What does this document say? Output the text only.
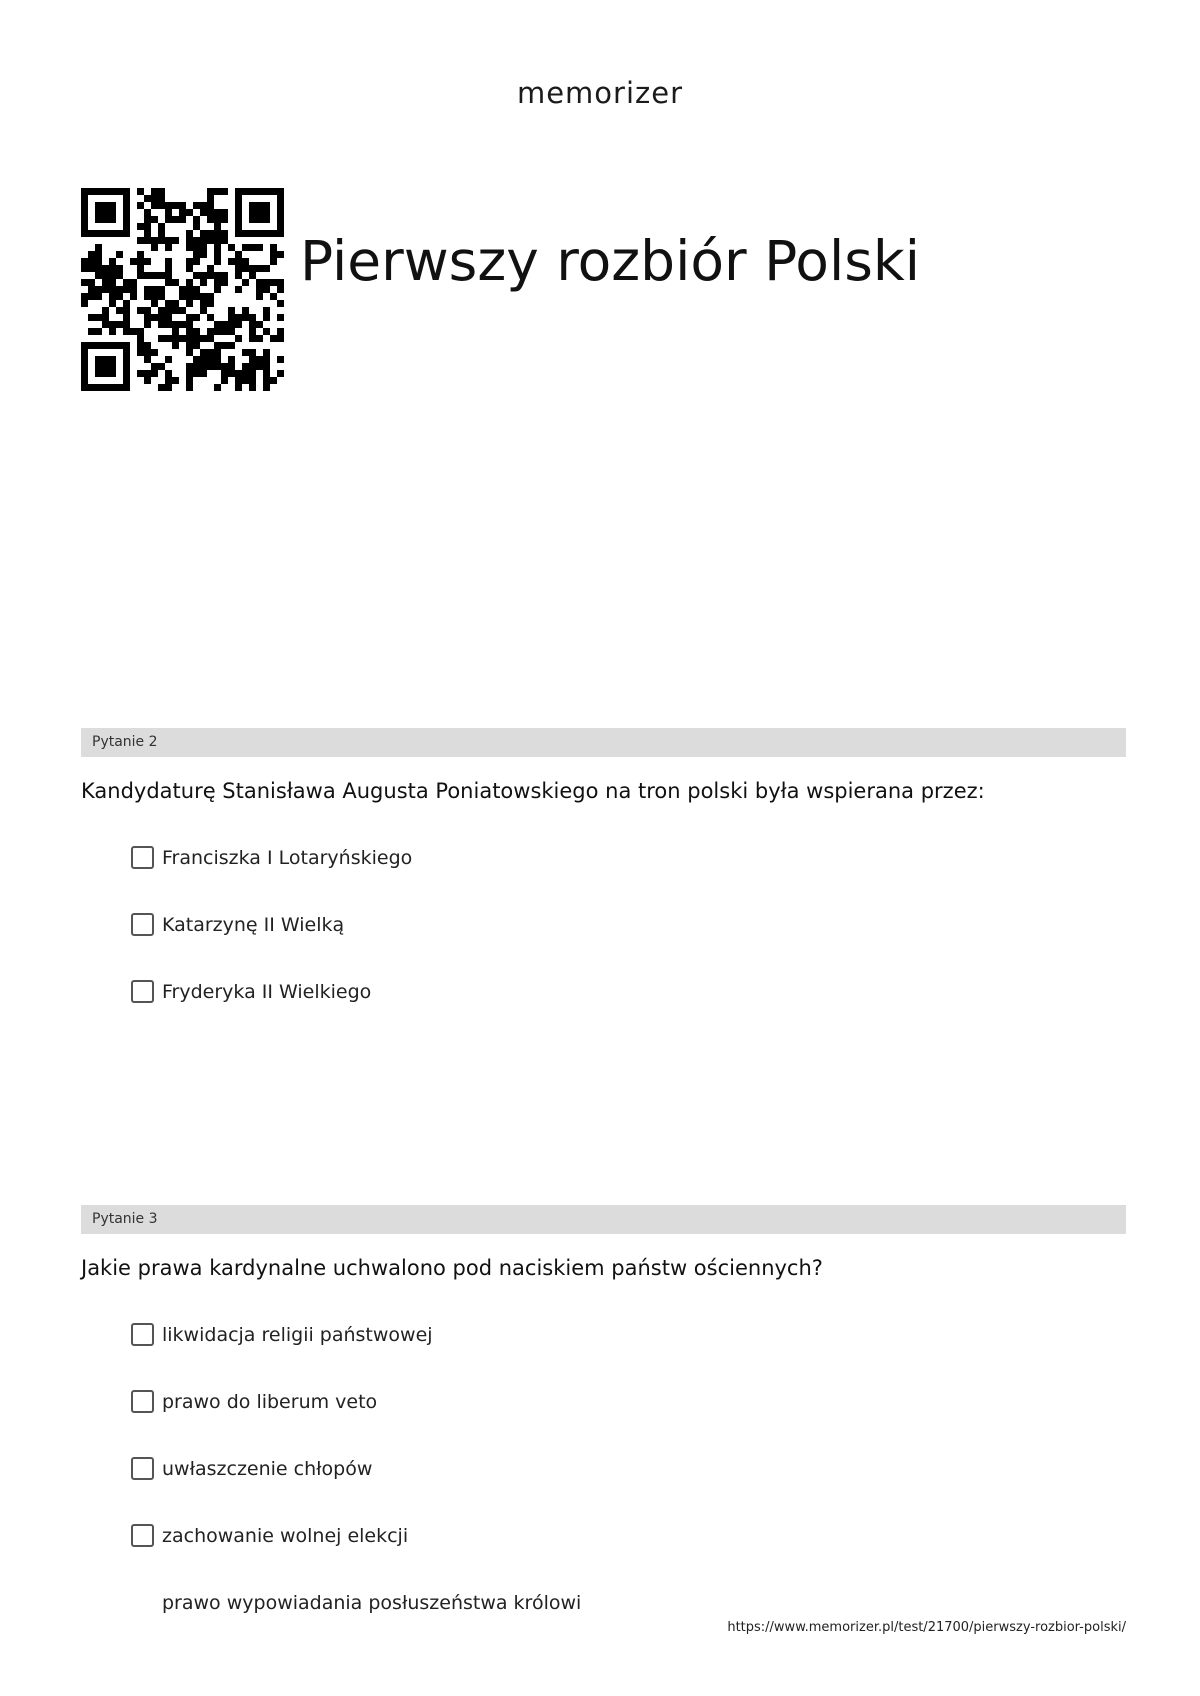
memorizer
Pierwszy rozbiór Polski
Pytanie 2
Kandydaturę Stanisława Augusta Poniatowskiego na tron polski była wspierana przez:
Franciszka I Lotaryńskiego
Katarzynę II Wielką
Fryderyka II Wielkiego
Pytanie 3
Jakie prawa kardynalne uchwalono pod naciskiem państw ościennych?
likwidacja religii państwowej
prawo do liberum veto
uwłaszczenie chłopów
zachowanie wolnej elekcji
prawo wypowiadania posłuszeństwa królowi
https://www.memorizer.pl/test/21700/pierwszy-rozbior-polski/
